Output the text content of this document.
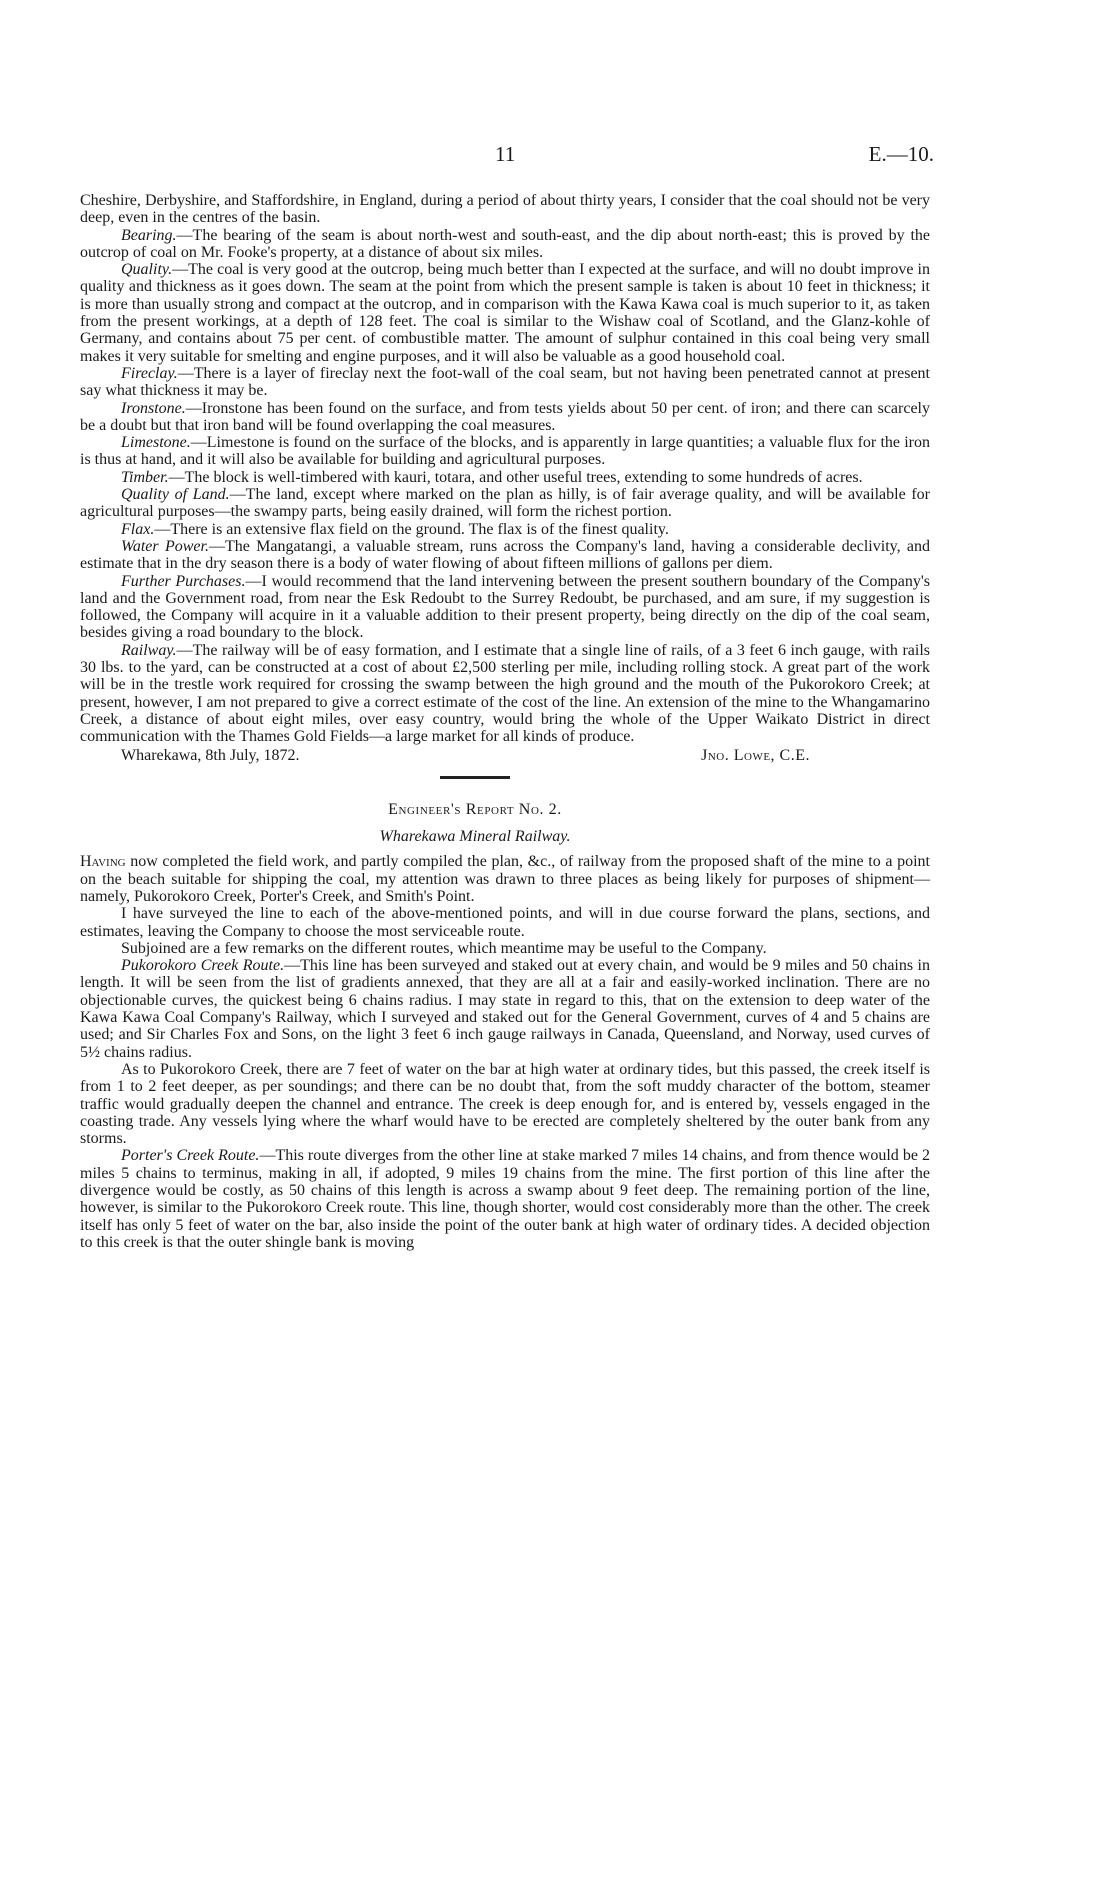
11	E.—10.

Cheshire, Derbyshire, and Staffordshire, in England, during a period of about thirty years, I consider that the coal should not be very deep, even in the centres of the basin.

Bearing.—The bearing of the seam is about north-west and south-east, and the dip about north-east; this is proved by the outcrop of coal on Mr. Fooke's property, at a distance of about six miles.

Quality.—The coal is very good at the outcrop, being much better than I expected at the surface, and will no doubt improve in quality and thickness as it goes down. The seam at the point from which the present sample is taken is about 10 feet in thickness; it is more than usually strong and compact at the outcrop, and in comparison with the Kawa Kawa coal is much superior to it, as taken from the present workings, at a depth of 128 feet. The coal is similar to the Wishaw coal of Scotland, and the Glanz-kohle of Germany, and contains about 75 per cent. of combustible matter. The amount of sulphur contained in this coal being very small makes it very suitable for smelting and engine purposes, and it will also be valuable as a good household coal.

Fireclay.—There is a layer of fireclay next the foot-wall of the coal seam, but not having been penetrated cannot at present say what thickness it may be.

Ironstone.—Ironstone has been found on the surface, and from tests yields about 50 per cent. of iron; and there can scarcely be a doubt but that iron band will be found overlapping the coal measures.

Limestone.—Limestone is found on the surface of the blocks, and is apparently in large quantities; a valuable flux for the iron is thus at hand, and it will also be available for building and agricultural purposes.

Timber.—The block is well-timbered with kauri, totara, and other useful trees, extending to some hundreds of acres.

Quality of Land.—The land, except where marked on the plan as hilly, is of fair average quality, and will be available for agricultural purposes—the swampy parts, being easily drained, will form the richest portion.

Flax.—There is an extensive flax field on the ground. The flax is of the finest quality.

Water Power.—The Mangatangi, a valuable stream, runs across the Company's land, having a considerable declivity, and estimate that in the dry season there is a body of water flowing of about fifteen millions of gallons per diem.

Further Purchases.—I would recommend that the land intervening between the present southern boundary of the Company's land and the Government road, from near the Esk Redoubt to the Surrey Redoubt, be purchased, and am sure, if my suggestion is followed, the Company will acquire in it a valuable addition to their present property, being directly on the dip of the coal seam, besides giving a road boundary to the block.

Railway.—The railway will be of easy formation, and I estimate that a single line of rails, of a 3 feet 6 inch gauge, with rails 30 lbs. to the yard, can be constructed at a cost of about £2,500 sterling per mile, including rolling stock. A great part of the work will be in the trestle work required for crossing the swamp between the high ground and the mouth of the Pukorokoro Creek; at present, however, I am not prepared to give a correct estimate of the cost of the line. An extension of the mine to the Whangamarino Creek, a distance of about eight miles, over easy country, would bring the whole of the Upper Waikato District in direct communication with the Thames Gold Fields—a large market for all kinds of produce.

Wharekawa, 8th July, 1872.	Jno. Lowe, C.E.
Engineer's Report No. 2.
Wharekawa Mineral Railway.

Having now completed the field work, and partly compiled the plan, &c., of railway from the proposed shaft of the mine to a point on the beach suitable for shipping the coal, my attention was drawn to three places as being likely for purposes of shipment—namely, Pukorokoro Creek, Porter's Creek, and Smith's Point.

I have surveyed the line to each of the above-mentioned points, and will in due course forward the plans, sections, and estimates, leaving the Company to choose the most serviceable route.

Subjoined are a few remarks on the different routes, which meantime may be useful to the Company.

Pukorokoro Creek Route.—This line has been surveyed and staked out at every chain, and would be 9 miles and 50 chains in length. It will be seen from the list of gradients annexed, that they are all at a fair and easily-worked inclination. There are no objectionable curves, the quickest being 6 chains radius. I may state in regard to this, that on the extension to deep water of the Kawa Kawa Coal Company's Railway, which I surveyed and staked out for the General Government, curves of 4 and 5 chains are used; and Sir Charles Fox and Sons, on the light 3 feet 6 inch gauge railways in Canada, Queensland, and Norway, used curves of 5½ chains radius.

As to Pukorokoro Creek, there are 7 feet of water on the bar at high water at ordinary tides, but this passed, the creek itself is from 1 to 2 feet deeper, as per soundings; and there can be no doubt that, from the soft muddy character of the bottom, steamer traffic would gradually deepen the channel and entrance. The creek is deep enough for, and is entered by, vessels engaged in the coasting trade. Any vessels lying where the wharf would have to be erected are completely sheltered by the outer bank from any storms.

Porter's Creek Route.—This route diverges from the other line at stake marked 7 miles 14 chains, and from thence would be 2 miles 5 chains to terminus, making in all, if adopted, 9 miles 19 chains from the mine. The first portion of this line after the divergence would be costly, as 50 chains of this length is across a swamp about 9 feet deep. The remaining portion of the line, however, is similar to the Pukorokoro Creek route. This line, though shorter, would cost considerably more than the other. The creek itself has only 5 feet of water on the bar, also inside the point of the outer bank at high water of ordinary tides. A decided objection to this creek is that the outer shingle bank is moving
